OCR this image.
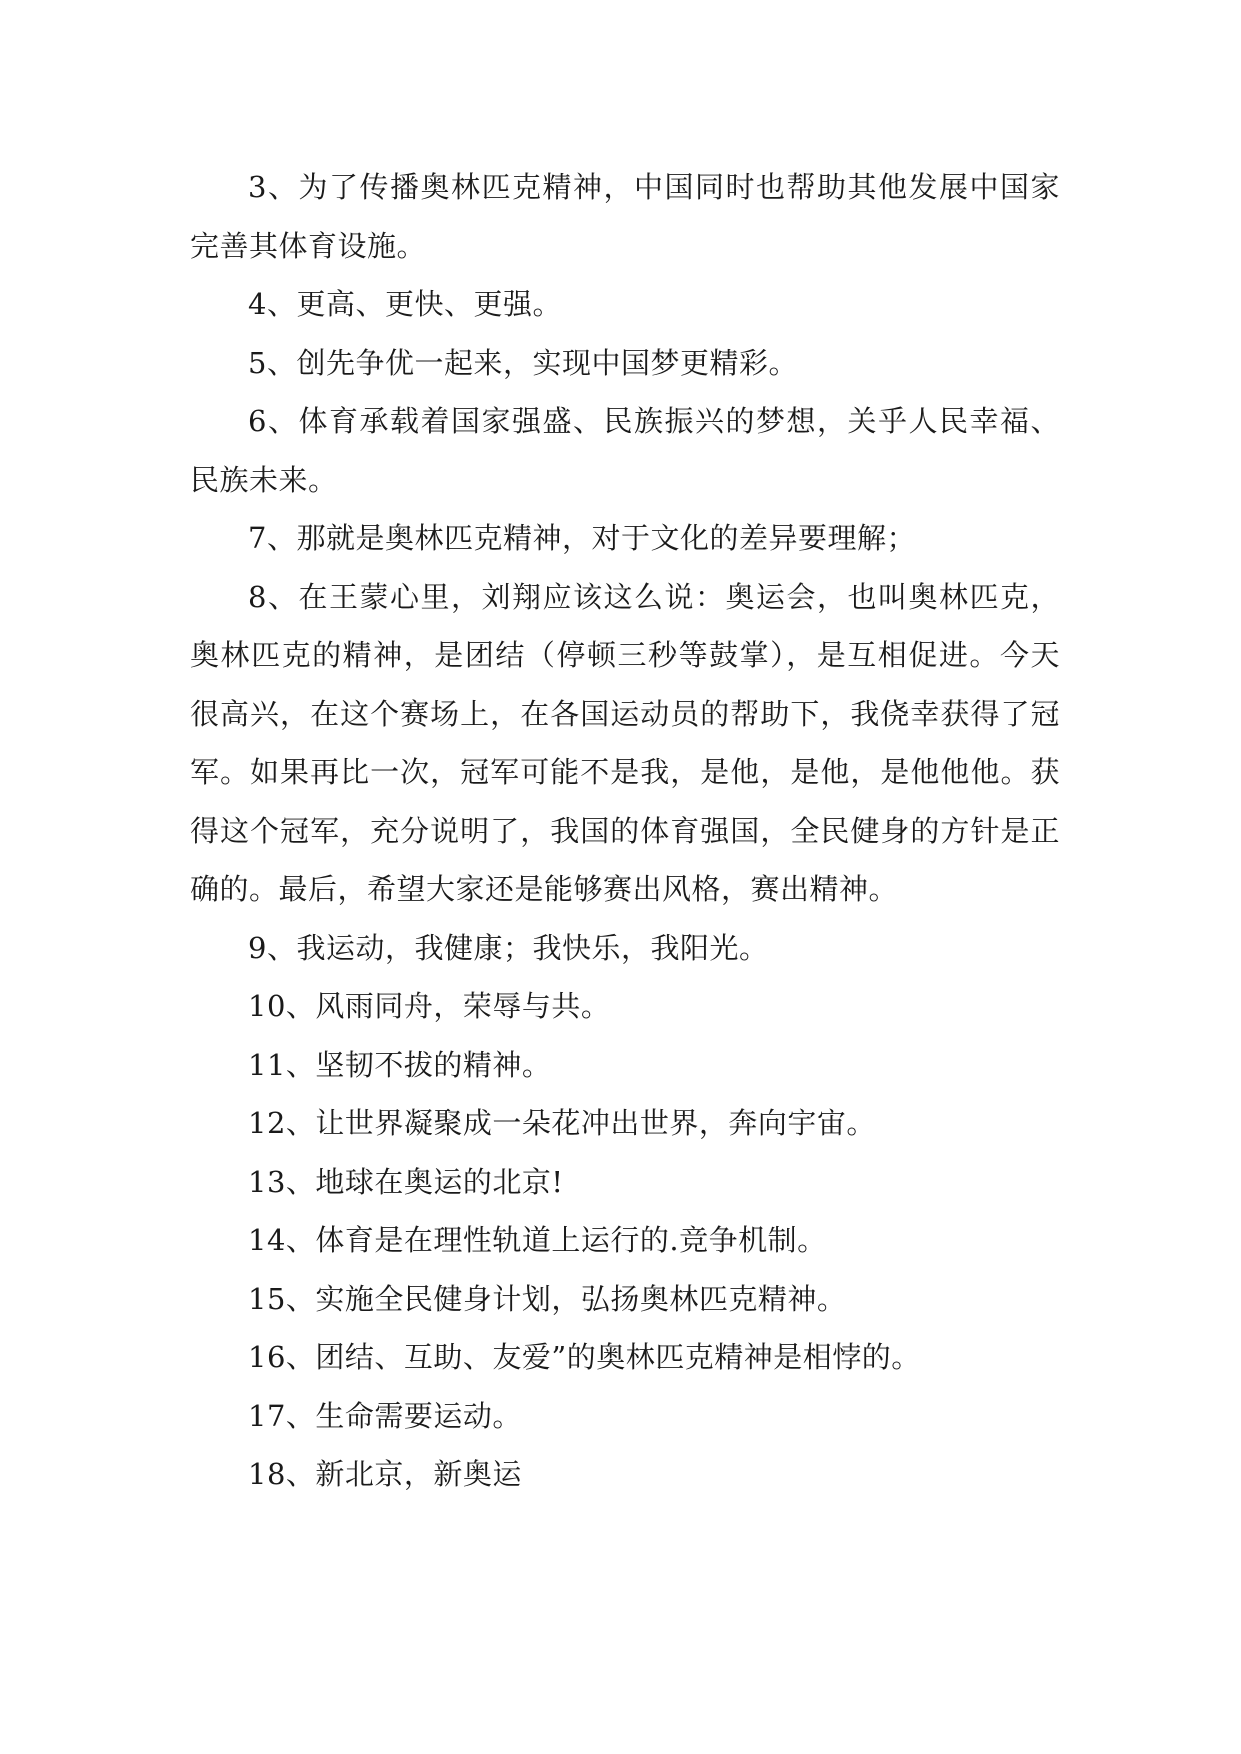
3、为了传播奥林匹克精神，中国同时也帮助其他发展中国家完善其体育设施。

4、更高、更快、更强。

5、创先争优一起来，实现中国梦更精彩。

6、体育承载着国家强盛、民族振兴的梦想，关乎人民幸福、民族未来。

7、那就是奥林匹克精神，对于文化的差异要理解；

8、在王蒙心里，刘翔应该这么说：奥运会，也叫奥林匹克，奥林匹克的精神，是团结（停顿三秒等鼓掌），是互相促进。今天很高兴，在这个赛场上，在各国运动员的帮助下，我侥幸获得了冠军。如果再比一次，冠军可能不是我，是他，是他，是他他他。获得这个冠军，充分说明了，我国的体育强国，全民健身的方针是正确的。最后，希望大家还是能够赛出风格，赛出精神。

9、我运动，我健康；我快乐，我阳光。

10、风雨同舟，荣辱与共。

11、坚韧不拔的精神。

12、让世界凝聚成一朵花冲出世界，奔向宇宙。

13、地球在奥运的北京!

14、体育是在理性轨道上运行的.竞争机制。

15、实施全民健身计划，弘扬奥林匹克精神。

16、团结、互助、友爱”的奥林匹克精神是相悖的。

17、生命需要运动。

18、新北京，新奥运
